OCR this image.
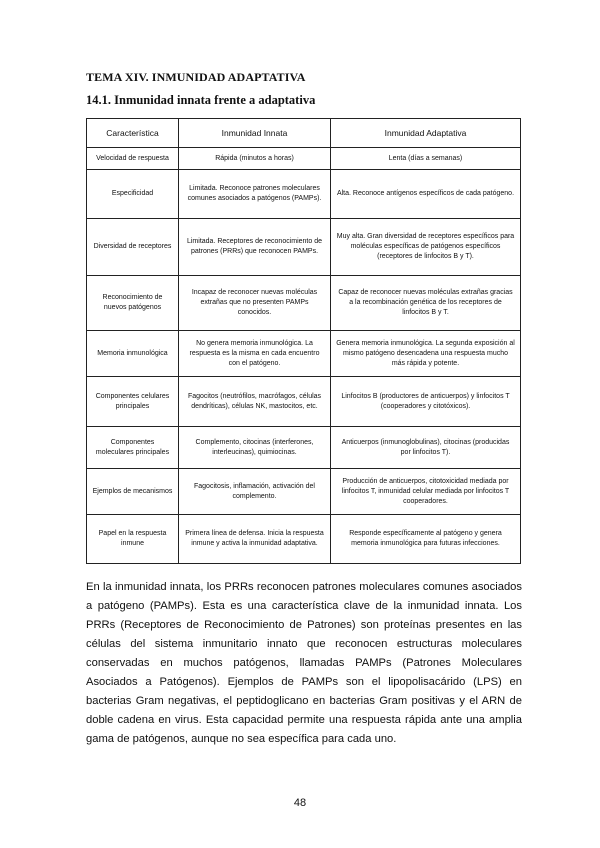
TEMA XIV. INMUNIDAD ADAPTATIVA
14.1. Inmunidad innata frente a adaptativa
Característica	Inmunidad Innata	Inmunidad Adaptativa
Velocidad de respuesta	Rápida (minutos a horas)	Lenta (días a semanas)
Especificidad	Limitada. Reconoce patrones moleculares comunes asociados a patógenos (PAMPs).	Alta. Reconoce antígenos específicos de cada patógeno.
Diversidad de receptores	Limitada. Receptores de reconocimiento de patrones (PRRs) que reconocen PAMPs.	Muy alta. Gran diversidad de receptores específicos para moléculas específicas de patógenos específicos (receptores de linfocitos B y T).
Reconocimiento de nuevos patógenos	Incapaz de reconocer nuevas moléculas extrañas que no presenten PAMPs conocidos.	Capaz de reconocer nuevas moléculas extrañas gracias a la recombinación genética de los receptores de linfocitos B y T.
Memoria inmunológica	No genera memoria inmunológica. La respuesta es la misma en cada encuentro con el patógeno.	Genera memoria inmunológica. La segunda exposición al mismo patógeno desencadena una respuesta mucho más rápida y potente.
Componentes celulares principales	Fagocitos (neutrófilos, macrófagos, células dendríticas), células NK, mastocitos, etc.	Linfocitos B (productores de anticuerpos) y linfocitos T (cooperadores y citotóxicos).
Componentes moleculares principales	Complemento, citocinas (interferones, interleucinas), quimiocinas.	Anticuerpos (inmunoglobulinas), citocinas (producidas por linfocitos T).
Ejemplos de mecanismos	Fagocitosis, inflamación, activación del complemento.	Producción de anticuerpos, citotoxicidad mediada por linfocitos T, inmunidad celular mediada por linfocitos T cooperadores.
Papel en la respuesta inmune	Primera línea de defensa. Inicia la respuesta inmune y activa la inmunidad adaptativa.	Responde específicamente al patógeno y genera memoria inmunológica para futuras infecciones.

En la inmunidad innata, los PRRs reconocen patrones moleculares comunes asociados a patógeno (PAMPs). Esta es una característica clave de la inmunidad innata. Los PRRs (Receptores de Reconocimiento de Patrones) son proteínas presentes en las células del sistema inmunitario innato que reconocen estructuras moleculares conservadas en muchos patógenos, llamadas PAMPs (Patrones Moleculares Asociados a Patógenos). Ejemplos de PAMPs son el lipopolisacárido (LPS) en bacterias Gram negativas, el peptidoglicano en bacterias Gram positivas y el ARN de doble cadena en virus. Esta capacidad permite una respuesta rápida ante una amplia gama de patógenos, aunque no sea específica para cada uno.

48
